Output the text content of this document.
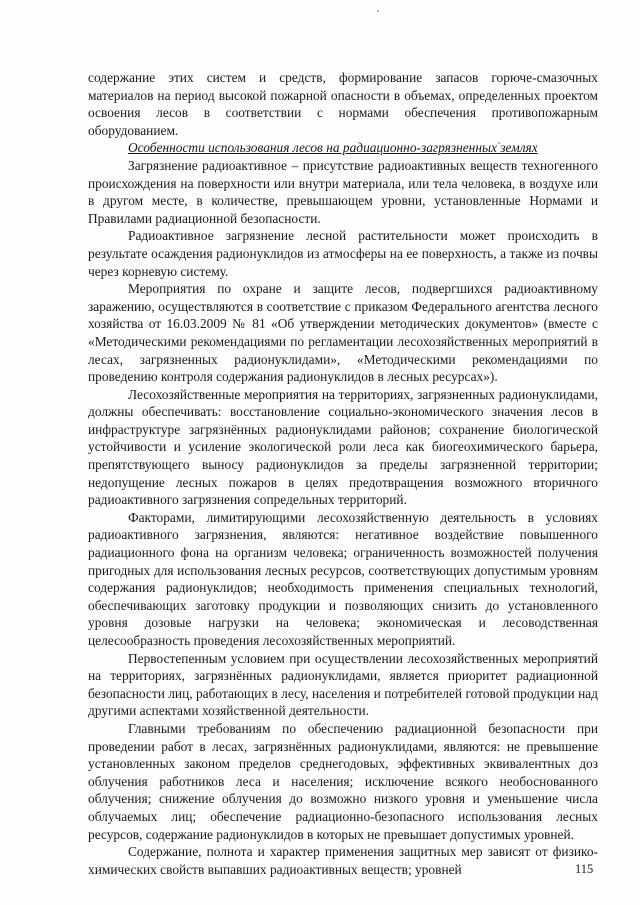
содержание этих систем и средств, формирование запасов горюче-смазочных материалов на период высокой пожарной опасности в объемах, определенных проектом освоения лесов в соответствии с нормами обеспечения противопожарным оборудованием.

Особенности использования лесов на радиационно-загрязненных землях

Загрязнение радиоактивное – присутствие радиоактивных веществ техногенного происхождения на поверхности или внутри материала, или тела человека, в воздухе или в другом месте, в количестве, превышающем уровни, установленные Нормами и Правилами радиационной безопасности.

Радиоактивное загрязнение лесной растительности может происходить в результате осаждения радионуклидов из атмосферы на ее поверхность, а также из почвы через корневую систему.

Мероприятия по охране и защите лесов, подвергшихся радиоактивному заражению, осуществляются в соответствие с приказом Федерального агентства лесного хозяйства от 16.03.2009 № 81 «Об утверждении методических документов» (вместе с «Методическими рекомендациями по регламентации лесохозяйственных мероприятий в лесах, загрязненных радионуклидами», «Методическими рекомендациями по проведению контроля содержания радионуклидов в лесных ресурсах»).

Лесохозяйственные мероприятия на территориях, загрязненных радионуклидами, должны обеспечивать: восстановление социально-экономического значения лесов в инфраструктуре загрязнённых радионуклидами районов; сохранение биологической устойчивости и усиление экологической роли леса как биогеохимического барьера, препятствующего выносу радионуклидов за пределы загрязненной территории; недопущение лесных пожаров в целях предотвращения возможного вторичного радиоактивного загрязнения сопредельных территорий.

Факторами, лимитирующими лесохозяйственную деятельность в условиях радиоактивного загрязнения, являются: негативное воздействие повышенного радиационного фона на организм человека; ограниченность возможностей получения пригодных для использования лесных ресурсов, соответствующих допустимым уровням содержания радионуклидов; необходимость применения специальных технологий, обеспечивающих заготовку продукции и позволяющих снизить до установленного уровня дозовые нагрузки на человека; экономическая и лесоводственная целесообразность проведения лесохозяйственных мероприятий.

Первостепенным условием при осуществлении лесохозяйственных мероприятий на территориях, загрязнённых радионуклидами, является приоритет радиационной безопасности лиц, работающих в лесу, населения и потребителей готовой продукции над другими аспектами хозяйственной деятельности.

Главными требованиям по обеспечению радиационной безопасности при проведении работ в лесах, загрязнённых радионуклидами, являются: не превышение установленных законом пределов среднегодовых, эффективных эквивалентных доз облучения работников леса и населения; исключение всякого необоснованного облучения; снижение облучения до возможно низкого уровня и уменьшение числа облучаемых лиц; обеспечение радиационно-безопасного использования лесных ресурсов, содержание радионуклидов в которых не превышает допустимых уровней.

Содержание, полнота и характер применения защитных мер зависят от физико-химических свойств выпавших радиоактивных веществ; уровней	115
